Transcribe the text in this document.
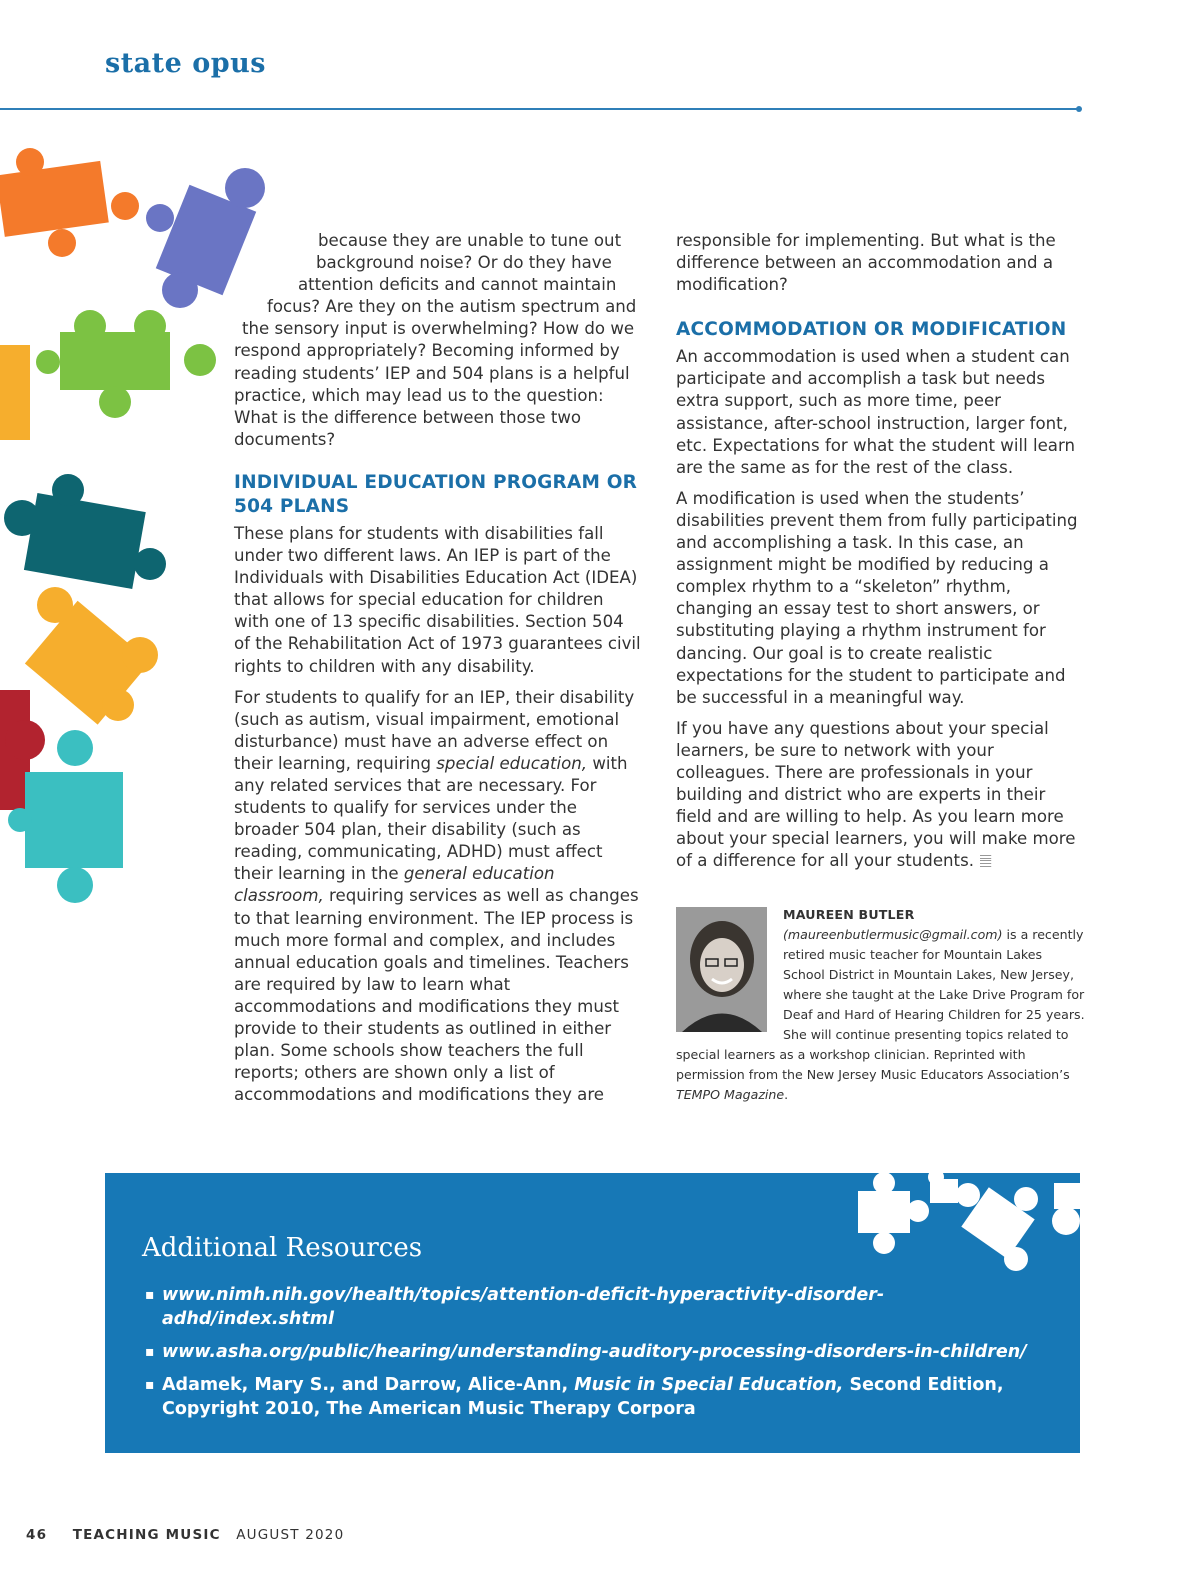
state opus

because they are unable to tune out
background noise? Or do they have
attention deficits and cannot maintain
focus? Are they on the autism spectrum and
the sensory input is overwhelming? How do we
respond appropriately? Becoming informed by reading students’ IEP and 504 plans is a helpful practice, which may lead us to the question: What is the difference between those two documents?

INDIVIDUAL EDUCATION PROGRAM OR 504 PLANS

These plans for students with disabilities fall under two different laws. An IEP is part of the Individuals with Disabilities Education Act (IDEA) that allows for special education for children with one of 13 specific disabilities. Section 504 of the Rehabilitation Act of 1973 guarantees civil rights to children with any disability.

For students to qualify for an IEP, their disability (such as autism, visual impairment, emotional disturbance) must have an adverse effect on their learning, requiring special education, with any related services that are necessary. For students to qualify for services under the broader 504 plan, their disability (such as reading, communicating, ADHD) must affect their learning in the general education classroom, requiring services as well as changes to that learning environment. The IEP process is much more formal and complex, and includes annual education goals and timelines. Teachers are required by law to learn what accommodations and modifications they must provide to their students as outlined in either plan. Some schools show teachers the full reports; others are shown only a list of accommodations and modifications they are

responsible for implementing. But what is the difference between an accommodation and a modification?

ACCOMMODATION OR MODIFICATION

An accommodation is used when a student can participate and accomplish a task but needs extra support, such as more time, peer assistance, after-school instruction, larger font, etc. Expectations for what the student will learn are the same as for the rest of the class.

A modification is used when the students’ disabilities prevent them from fully participating and accomplishing a task. In this case, an assignment might be modified by reducing a complex rhythm to a “skeleton” rhythm, changing an essay test to short answers, or substituting playing a rhythm instrument for dancing. Our goal is to create realistic expectations for the student to participate and be successful in a meaningful way.

If you have any questions about your special learners, be sure to network with your colleagues. There are professionals in your building and district who are experts in their field and are willing to help. As you learn more about your special learners, you will make more of a difference for all your students. 𝄚

MAUREEN BUTLER (maureenbutlermusic@gmail.com) is a recently retired music teacher for Mountain Lakes School District in Mountain Lakes, New Jersey, where she taught at the Lake Drive Program for Deaf and Hard of Hearing Children for 25 years. She will continue presenting topics related to special learners as a workshop clinician. Reprinted with permission from the New Jersey Music Educators Association’s TEMPO Magazine.
Additional Resources
▪ www.nimh.nih.gov/health/topics/attention-deficit-hyperactivity-disorder-adhd/index.shtml
▪ www.asha.org/public/hearing/understanding-auditory-processing-disorders-in-children/
▪ Adamek, Mary S., and Darrow, Alice-Ann, Music in Special Education, Second Edition, Copyright 2010, The American Music Therapy Corpora
46 TEACHING MUSIC AUGUST 2020
